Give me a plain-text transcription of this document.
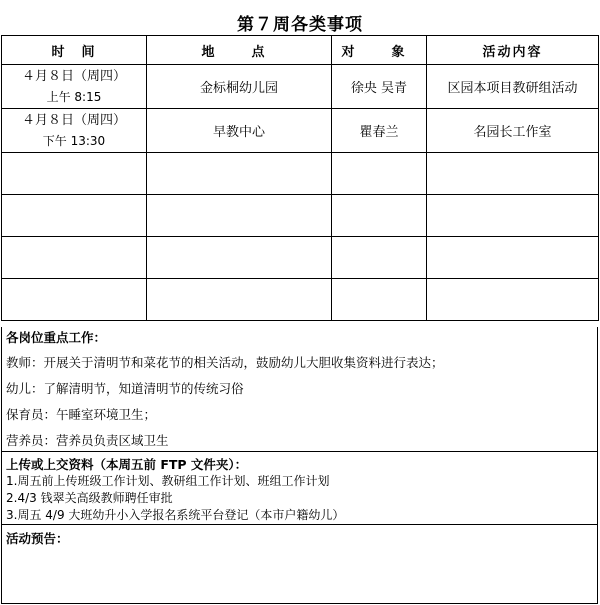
第７周各类事项
时　间	地　点	对　象	活动内容

４月８日（周四）
上午 8:15	金标桐幼儿园	徐央 吴青	区园本项目教研组活动

４月８日（周四）
下午 13:30	早教中心	瞿春兰	名园长工作室

各岗位重点工作：
教师：开展关于清明节和菜花节的相关活动，鼓励幼儿大胆收集资料进行表达；
幼儿：了解清明节，知道清明节的传统习俗
保育员：午睡室环境卫生；
营养员：营养员负责区域卫生
上传或上交资料（本周五前 FTP 文件夹）：
1.周五前上传班级工作计划、教研组工作计划、班组工作计划
2.4/3 钱翠关高级教师聘任审批
3.周五 4/9 大班幼升小入学报名系统平台登记（本市户籍幼儿）
活动预告：
